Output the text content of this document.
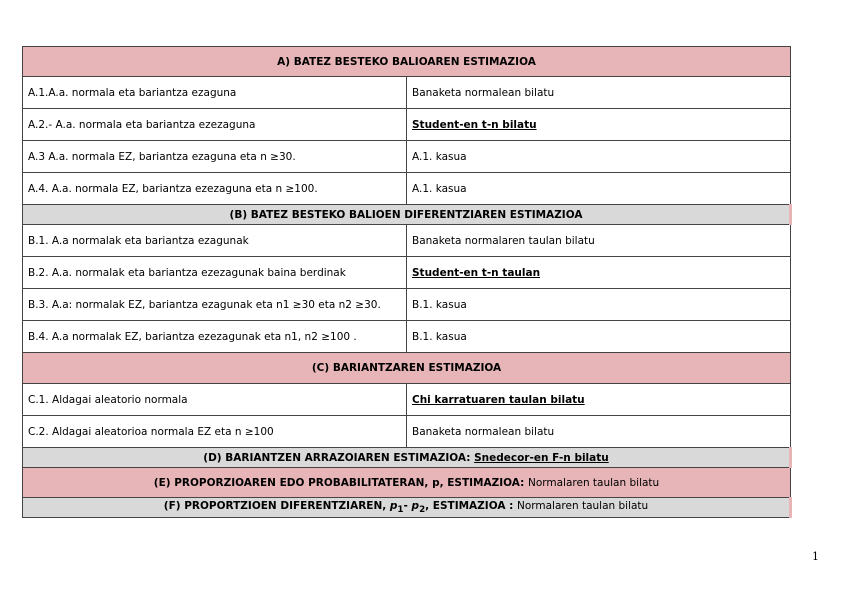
A) BATEZ BESTEKO BALIOAREN ESTIMAZIOA	
A.1.A.a. normala eta bariantza ezaguna	Banaketa normalean bilatu
A.2.- A.a. normala eta bariantza ezezaguna	Student-en t-n bilatu
A.3 A.a. normala EZ, bariantza ezaguna eta n ≥30.	A.1. kasua
A.4. A.a. normala EZ, bariantza ezezaguna eta n ≥100.	A.1. kasua
(B) BATEZ BESTEKO BALIOEN DIFERENTZIAREN ESTIMAZIOA	
B.1. A.a normalak eta bariantza ezagunak	Banaketa normalaren taulan bilatu
B.2. A.a. normalak eta bariantza ezezagunak baina berdinak	Student-en t-n taulan
B.3. A.a: normalak EZ, bariantza ezagunak eta n1 ≥30 eta n2 ≥30.	B.1. kasua
B.4. A.a normalak EZ, bariantza ezezagunak eta n1, n2 ≥100 .	B.1. kasua
(C) BARIANTZAREN ESTIMAZIOA	
C.1. Aldagai aleatorio normala	Chi karratuaren taulan bilatu
C.2. Aldagai aleatorioa normala EZ eta n ≥100	Banaketa normalean bilatu
(D) BARIANTZEN ARRAZOIAREN ESTIMAZIOA: Snedecor-en F-n bilatu	
(E) PROPORZIOAREN EDO PROBABILITATERAN, p, ESTIMAZIOA: Normalaren taulan bilatu	
(F) PROPORTZIOEN DIFERENTZIAREN, $p_1-$ $p_2$, ESTIMAZIOA : Normalaren taulan bilatu	
1
